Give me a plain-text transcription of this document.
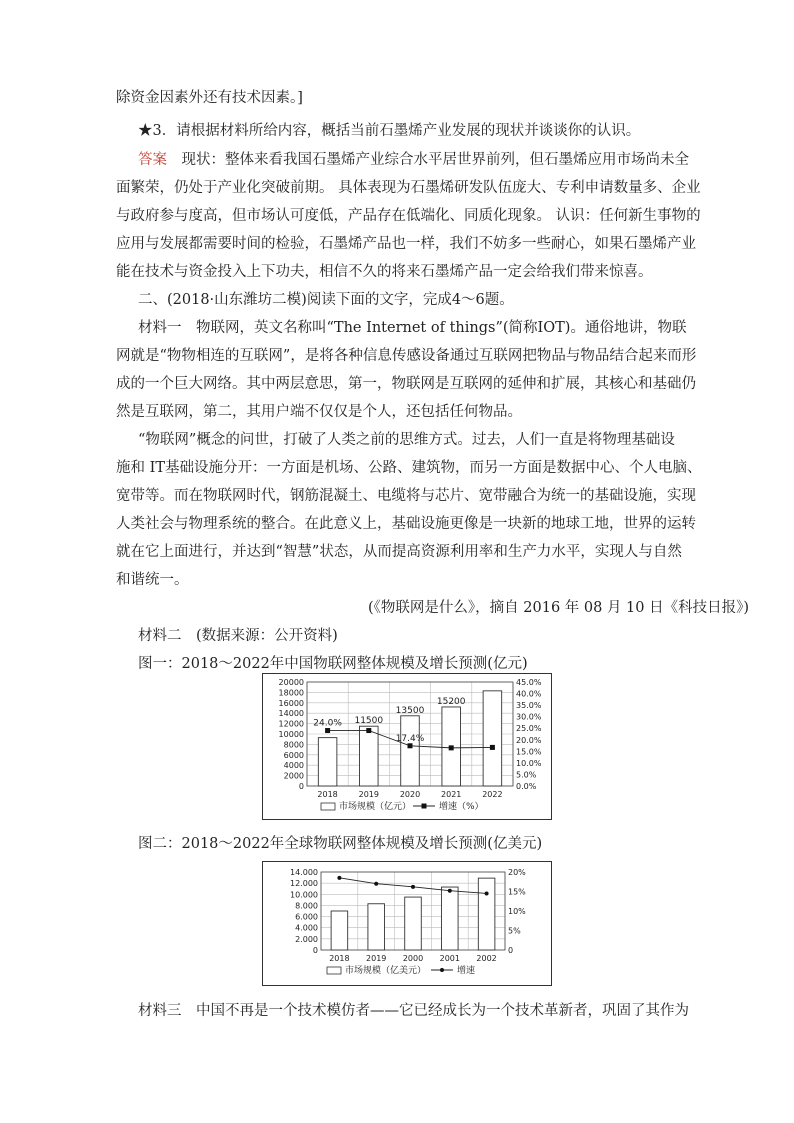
除资金因素外还有技术因素。]
★3．请根据材料所给内容，概括当前石墨烯产业发展的现状并谈谈你的认识。
答案　 现状：整体来看我国石墨烯产业综合水平居世界前列，但石墨烯应用市场尚未全
面繁荣，仍处于产业化突破前期。 具体表现为石墨烯研发队伍庞大、专利申请数量多、企业
与政府参与度高，但市场认可度低，产品存在低端化、同质化现象。 认识：任何新生事物的
应用与发展都需要时间的检验，石墨烯产品也一样，我们不妨多一些耐心，如果石墨烯产业
能在技术与资金投入上下功夫，相信不久的将来石墨烯产品一定会给我们带来惊喜。
二、(2018·山东潍坊二模)阅读下面的文字，完成4～6题。
材料一　物联网，英文名称叫“The Internet of things”(简称IOT)。通俗地讲，物联
网就是“物物相连的互联网”，是将各种信息传感设备通过互联网把物品与物品结合起来而形
成的一个巨大网络。其中两层意思，第一，物联网是互联网的延伸和扩展，其核心和基础仍
然是互联网，第二，其用户端不仅仅是个人，还包括任何物品。
“物联网”概念的问世，打破了人类之前的思维方式。过去，人们一直是将物理基础设
施和 IT基础设施分开：一方面是机场、公路、建筑物，而另一方面是数据中心、个人电脑、
宽带等。而在物联网时代，钢筋混凝土、电缆将与芯片、宽带融合为统一的基础设施，实现
人类社会与物理系统的整合。在此意义上，基础设施更像是一块新的地球工地，世界的运转
就在它上面进行，并达到“智慧”状态，从而提高资源利用率和生产力水平，实现人与自然
和谐统一。
(《物联网是什么》，摘自 2016 年 08 月 10 日《科技日报》)
材料二　(数据来源：公开资料)
图一：2018～2022年中国物联网整体规模及增长预测(亿元)
0
2000
4000
6000
8000
10000
12000
14000
16000
18000
20000
0.0%
5.0%
10.0%
15.0%
20.0%
25.0%
30.0%
35.0%
40.0%
45.0%
2018	2019
11500
2020
13500
2021
15200
2022
24.0%
17.4%
市场规模（亿元）	增速（%）
图二：2018～2022年全球物联网整体规模及增长预测(亿美元)
0
2.000
4.000
6.000
8.000
10.000
12.000
14.000
0
5%
10%
15%
20%
2018 2019 2000 2001 2002
市场规模（亿美元）	增速
材料三　中国不再是一个技术模仿者——它已经成长为一个技术革新者，巩固了其作为
